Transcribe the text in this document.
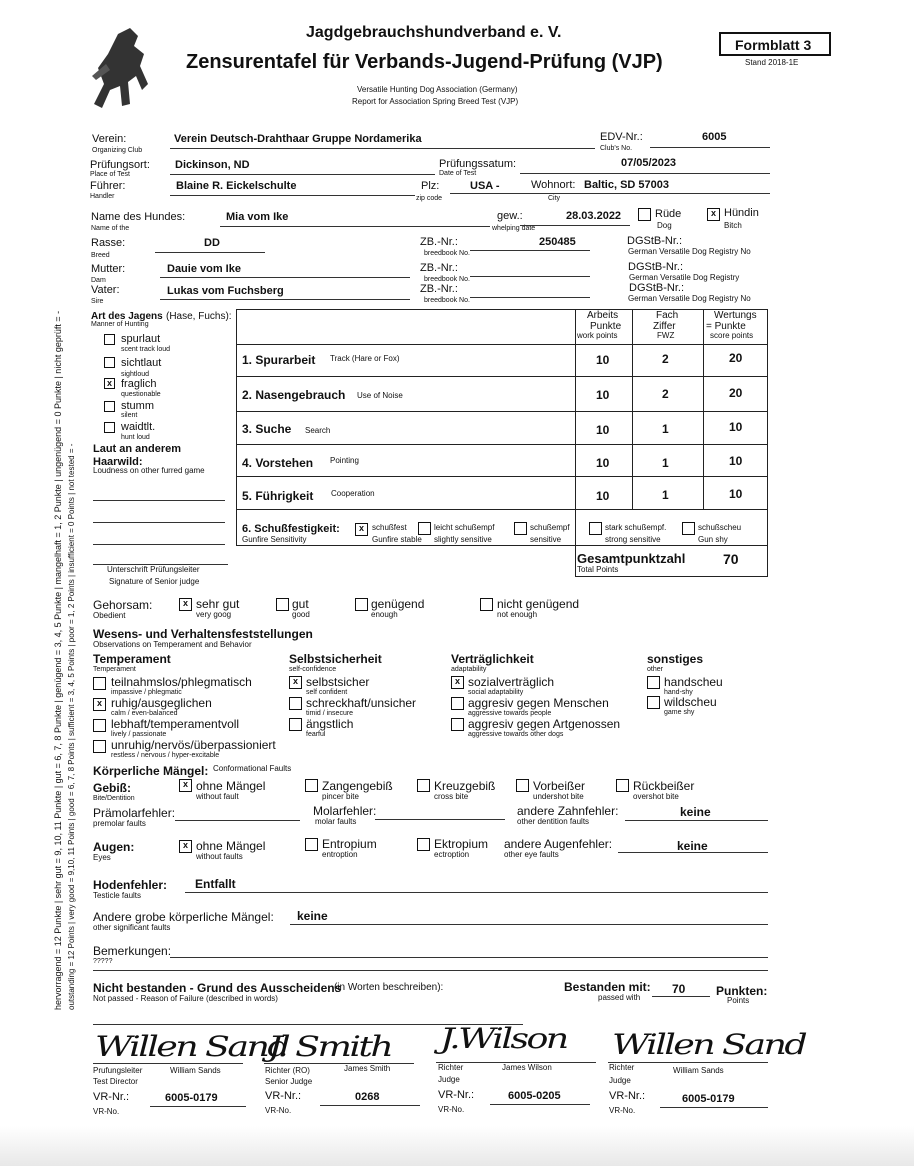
Jagdgebrauchshundverband e. V.
Zensurentafel für Verbands-Jugend-Prüfung (VJP)
Versatile Hunting Dog Association (Germany)
Report for Association Spring Breed Test (VJP)
Formblatt 3
Stand 2018-1E
hervorragend = 12 Punkte | sehr gut = 9, 10, 11 Punkte | gut = 6, 7, 8 Punkte | genügend = 3, 4, 5 Punkte | mangelhaft = 1, 2 Punkte | ungenügend = 0 Punkte | nicht geprüft = - outstanding = 12 Points | very good = 9,10, 11 Points | good = 6, 7, 8 Points | sufficient = 3, 4, 5 Points | poor = 1, 2 Points | insufficient = 0 Points | not tested = -
Verein:
Organizing Club
Verein Deutsch-Drahthaar Gruppe Nordamerika	EDV-Nr.:
Club's No.
6005
Prüfungsort:
Place of Test
Dickinson, ND	Prüfungssatum:
Date of Test
07/05/2023
Führer:
Handler
Blaine R. Eickelschulte	Plz:
zip code
USA -	Wohnort:
City
Baltic, SD 57003
Name des Hundes:
Name of the
Mia vom Ike	gew.:
whelping date
28.03.2022	Rüde
Dog
x Hündin
Bitch
Rasse:
Breed
DD	ZB.-Nr.:
breedbook No.
250485	DGStB-Nr.:
German Versatile Dog Registry No
Mutter:
Dam
Dauie vom Ike	ZB.-Nr.:
breedbook No.
DGStB-Nr.:
German Versatile Dog Registry
Vater:
Sire
Lukas vom Fuchsberg	ZB.-Nr.:
breedbook No.
DGStB-Nr.:
German Versatile Dog Registry No
Art des Jagens (Hase, Fuchs):
Manner of Hunting
spurlaut
scent track loud
sichtlaut
sightloud
x fraglich
questionable
stumm
silent
waidtlt.
hunt loud
Laut an anderem
Haarwild:
Loudness on other furred game
Arbeits
Punkte
work points
Fach
Ziffer
FWZ
Wertungs
= Punkte
score points
1. Spurarbeit Track (Hare or Fox)	10	2	20
2. Nasengebrauch Use of Noise	10	2	20
3. Suche Search	10	1	10
4. Vorstehen Pointing	10	1	10
5. Führigkeit Cooperation	10	1	10
6. Schußfestigkeit:
Gunfire Sensitivity
x	schußfest
Gunfire stable
leicht schußempf
slightly sensitive
schußempf
sensitive
stark schußempf.
strong sensitive
schußscheu
Gun shy
Gesamtpunktzahl
Total Points
70
Unterschrift Prüfungsleiter
Signature of Senior judge
Gehorsam:
Obedient
x sehr gut
very goog
gut
good
genügend
enough
nicht genügend
not enough
Wesens- und Verhaltensfeststellungen
Observations on Temperament and Behavior
Temperament
Temperament
teilnahmslos/phlegmatisch
impassive / phlegmatic
x ruhig/ausgeglichen
calm / even-balanced
lebhaft/temperamentvoll
lively / passionate
unruhig/nervös/überpassioniert
restless / nervous / hyper-excitable
Selbstsicherheit
self-confidence
x selbstsicher
self confident
schreckhaft/unsicher
timid / insecure
ängstlich
fearful
Verträglichkeit
adaptability
x sozialverträglich
social adaptability
aggresiv gegen Menschen
aggressive towards people
aggresiv gegen Artgenossen
aggressive towards other dogs
sonstiges
other
handscheu
hand-shy
wildscheu
game shy
Körperliche Mängel: Conformational Faults
Gebiß:
Bite/Dentition
x ohne Mängel
without fault
Zangengebiß
pincer bite
Kreuzgebiß
cross bite
Vorbeißer
undershot bite
Rückbeißer
overshot bite
Prämolarfehler:
premolar faults
Molarfehler:
molar faults
andere Zahnfehler:
other dentition faults
keine
Augen:
Eyes
x ohne Mängel
without faults
Entropium
entroption
Ektropium
ectroption
andere Augenfehler:
other eye faults
keine
Hodenfehler:
Testicle faults
Entfallt
Andere grobe körperliche Mängel:
other significant faults
keine
Bemerkungen:
?????
Nicht bestanden - Grund des Ausscheidens
(in Worten beschreiben):
Not passed - Reason of Failure (described in words)
Bestanden mit:
passed with
70	Punkten:
Points
Willen Sand
Prufungsleiter
Test Director
William Sands
VR-Nr.:
VR-No.
6005-0179
J. Smith
Richter (RO)
Senior Judge
James Smith
VR-Nr.:
VR-No.
0268
J.Wilson
Richter
Judge
James Wilson
VR-Nr.:
VR-No.
6005-0205
Willen Sand
Richter
Judge
William Sands
VR-Nr.:
VR-No.
6005-0179
